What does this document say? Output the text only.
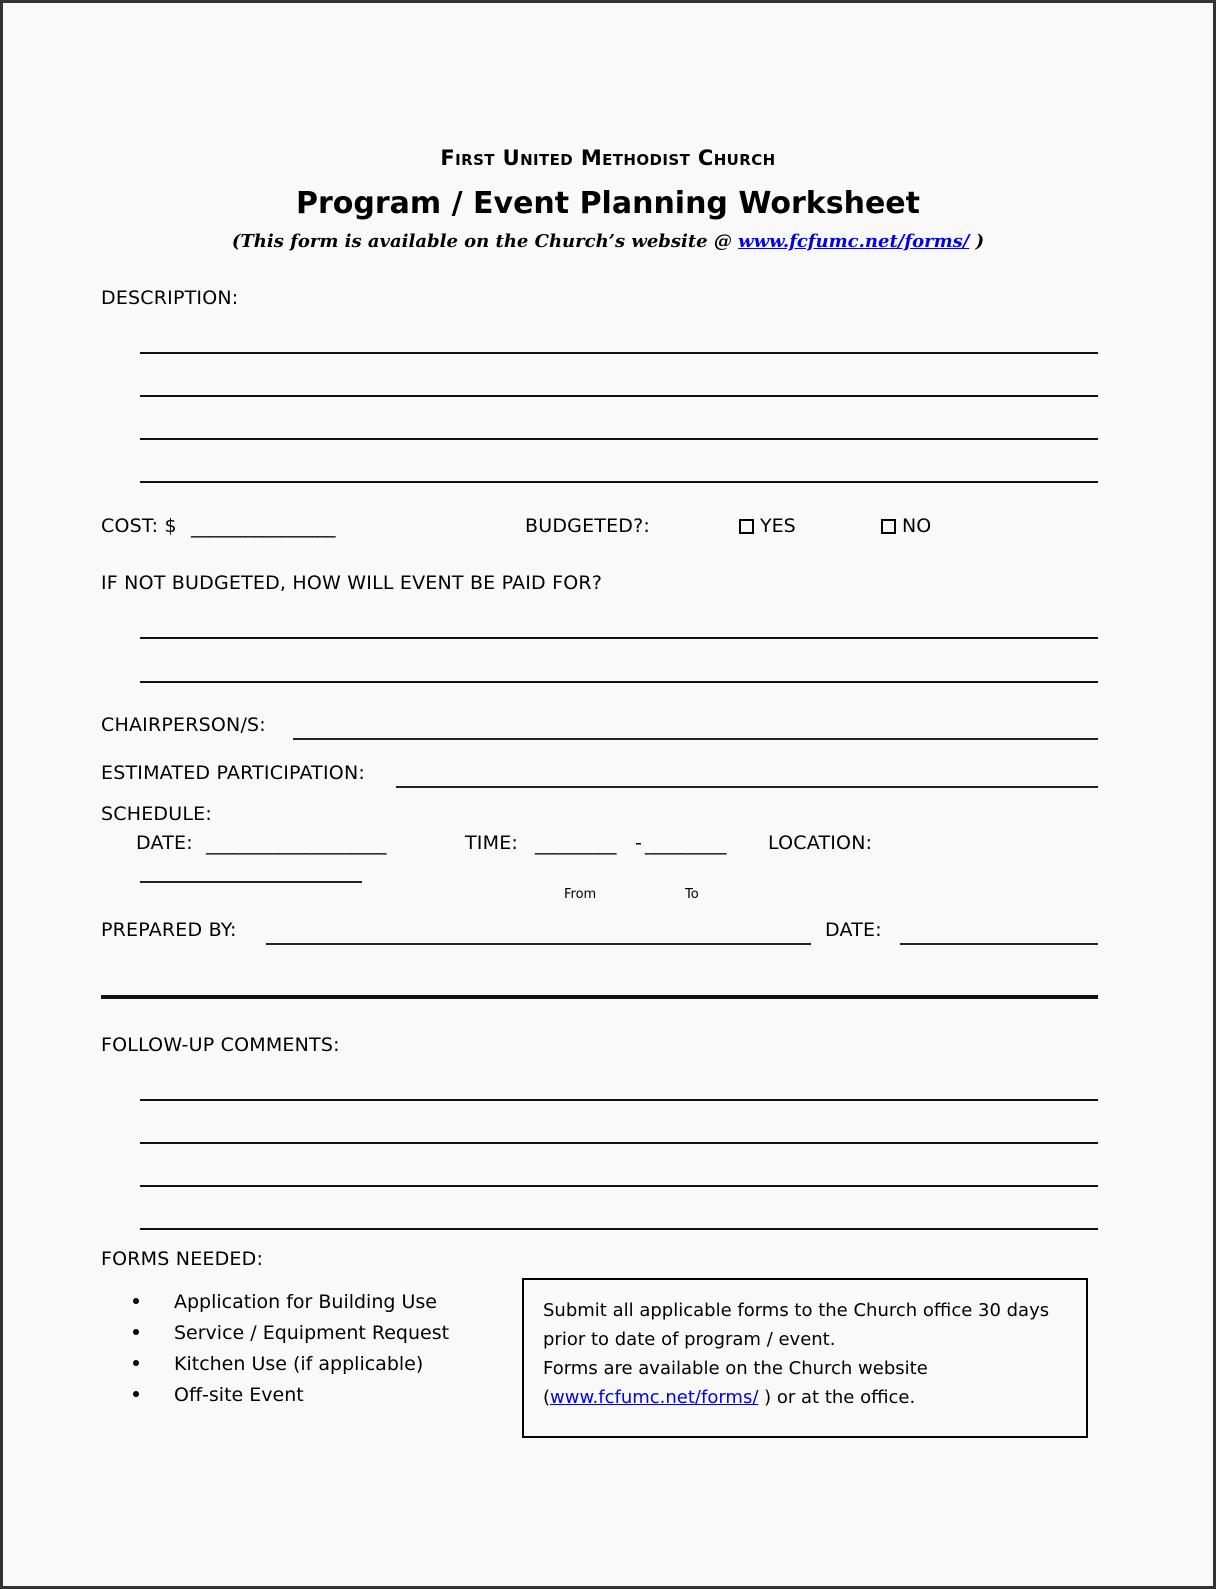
First United Methodist Church
Program / Event Planning Worksheet
(This form is available on the Church’s website @ www.fcfumc.net/forms/ )
DESCRIPTION:
COST: $ ________________	BUDGETED?:	YES	NO
IF NOT BUDGETED, HOW WILL EVENT BE PAID FOR?
CHAIRPERSON/S:
ESTIMATED PARTICIPATION:
SCHEDULE:
DATE: ____________________	TIME: _________ - _________ LOCATION:
From	To
PREPARED BY:	DATE:
FOLLOW-UP COMMENTS:
FORMS NEEDED:
Application for Building Use
Service / Equipment Request
Kitchen Use (if applicable)
Off-site Event
Submit all applicable forms to the Church office 30 days
prior to date of program / event.
Forms are available on the Church website
(www.fcfumc.net/forms/ ) or at the office.
